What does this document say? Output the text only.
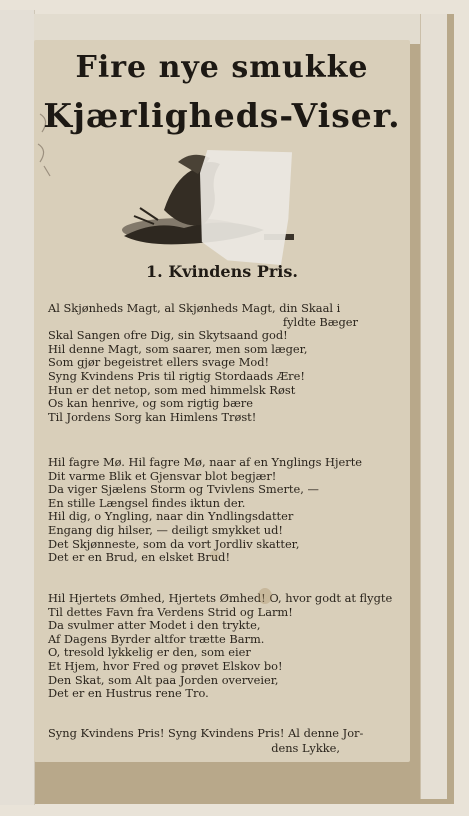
Fire nye smukke
Kjærligheds-Viser.
1. Kvindens Pris.
Al Skjønheds Magt, al Skjønheds Magt, din Skaal i
fyldte Bæger
Skal Sangen ofre Dig, sin Skytsaand god!
Hil denne Magt, som saarer, men som læger,
Som gjør begeistret ellers svage Mod!
Syng Kvindens Pris til rigtig Stordaads Ære!
Hun er det netop, som med himmelsk Røst
Os kan henrive, og som rigtig bære
Til Jordens Sorg kan Himlens Trøst!
Hil fagre Mø. Hil fagre Mø, naar af en Ynglings Hjerte
Dit varme Blik et Gjensvar blot begjær!
Da viger Sjælens Storm og Tvivlens Smerte, —
En stille Længsel findes iktun der.
Hil dig, o Yngling, naar din Yndlingsdatter
Engang dig hilser, — deiligt smykket ud!
Det Skjønneste, som da vort Jordliv skatter,
Det er en Brud, en elsket Brud!
Hil Hjertets Ømhed, Hjertets Ømhed! O, hvor godt at flygte
Til dettes Favn fra Verdens Strid og Larm!
Da svulmer atter Modet i den trykte,
Af Dagens Byrder altfor trætte Barm.
O, tresold lykkelig er den, som eier
Et Hjem, hvor Fred og prøvet Elskov bo!
Den Skat, som Alt paa Jorden overveier,
Det er en Hustrus rene Tro.
Syng Kvindens Pris! Syng Kvindens Pris! Al denne Jor-
dens Lykke,
